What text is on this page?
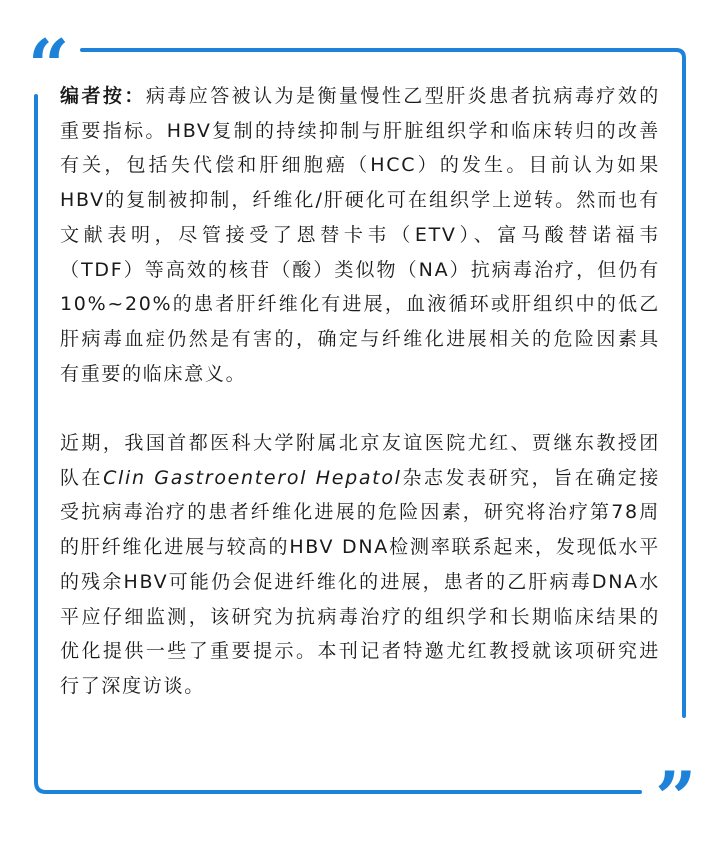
“
”

编者按：病毒应答被认为是衡量慢性乙型肝炎患者抗病毒疗效的重要指标。HBV复制的持续抑制与肝脏组织学和临床转归的改善有关，包括失代偿和肝细胞癌（HCC）的发生。目前认为如果HBV的复制被抑制，纤维化/肝硬化可在组织学上逆转。然而也有文献表明，尽管接受了恩替卡韦（ETV）、富马酸替诺福韦（TDF）等高效的核苷（酸）类似物（NA）抗病毒治疗，但仍有10%~20%的患者肝纤维化有进展，血液循环或肝组织中的低乙肝病毒血症仍然是有害的，确定与纤维化进展相关的危险因素具有重要的临床意义。

近期，我国首都医科大学附属北京友谊医院尤红、贾继东教授团队在Clin Gastroenterol Hepatol杂志发表研究，旨在确定接受抗病毒治疗的患者纤维化进展的危险因素，研究将治疗第78周的肝纤维化进展与较高的HBV DNA检测率联系起来，发现低水平的残余HBV可能仍会促进纤维化的进展，患者的乙肝病毒DNA水平应仔细监测，该研究为抗病毒治疗的组织学和长期临床结果的优化提供一些了重要提示。本刊记者特邀尤红教授就该项研究进行了深度访谈。
